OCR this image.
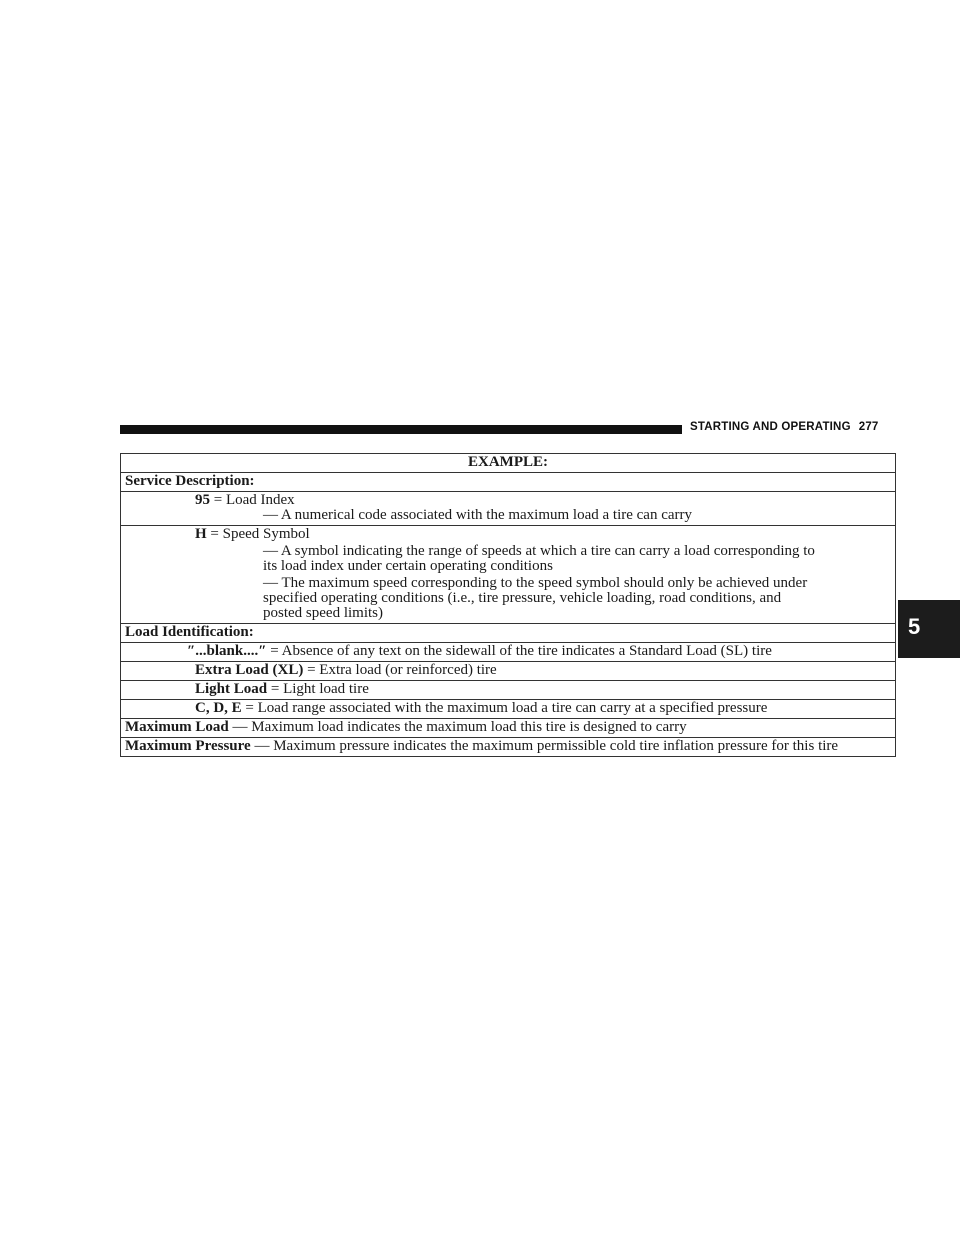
STARTING AND OPERATING 277
5
EXAMPLE:
Service Description:

95 = Load Index
— A numerical code associated with the maximum load a tire can carry

H = Speed Symbol
— A symbol indicating the range of speeds at which a tire can carry a load corresponding to
its load index under certain operating conditions
— The maximum speed corresponding to the speed symbol should only be achieved under
specified operating conditions (i.e., tire pressure, vehicle loading, road conditions, and
posted speed limits)

Load Identification:
″...blank....″ = Absence of any text on the sidewall of the tire indicates a Standard Load (SL) tire
Extra Load (XL) = Extra load (or reinforced) tire
Light Load = Light load tire
C, D, E = Load range associated with the maximum load a tire can carry at a specified pressure
Maximum Load — Maximum load indicates the maximum load this tire is designed to carry
Maximum Pressure — Maximum pressure indicates the maximum permissible cold tire inflation pressure for this tire
